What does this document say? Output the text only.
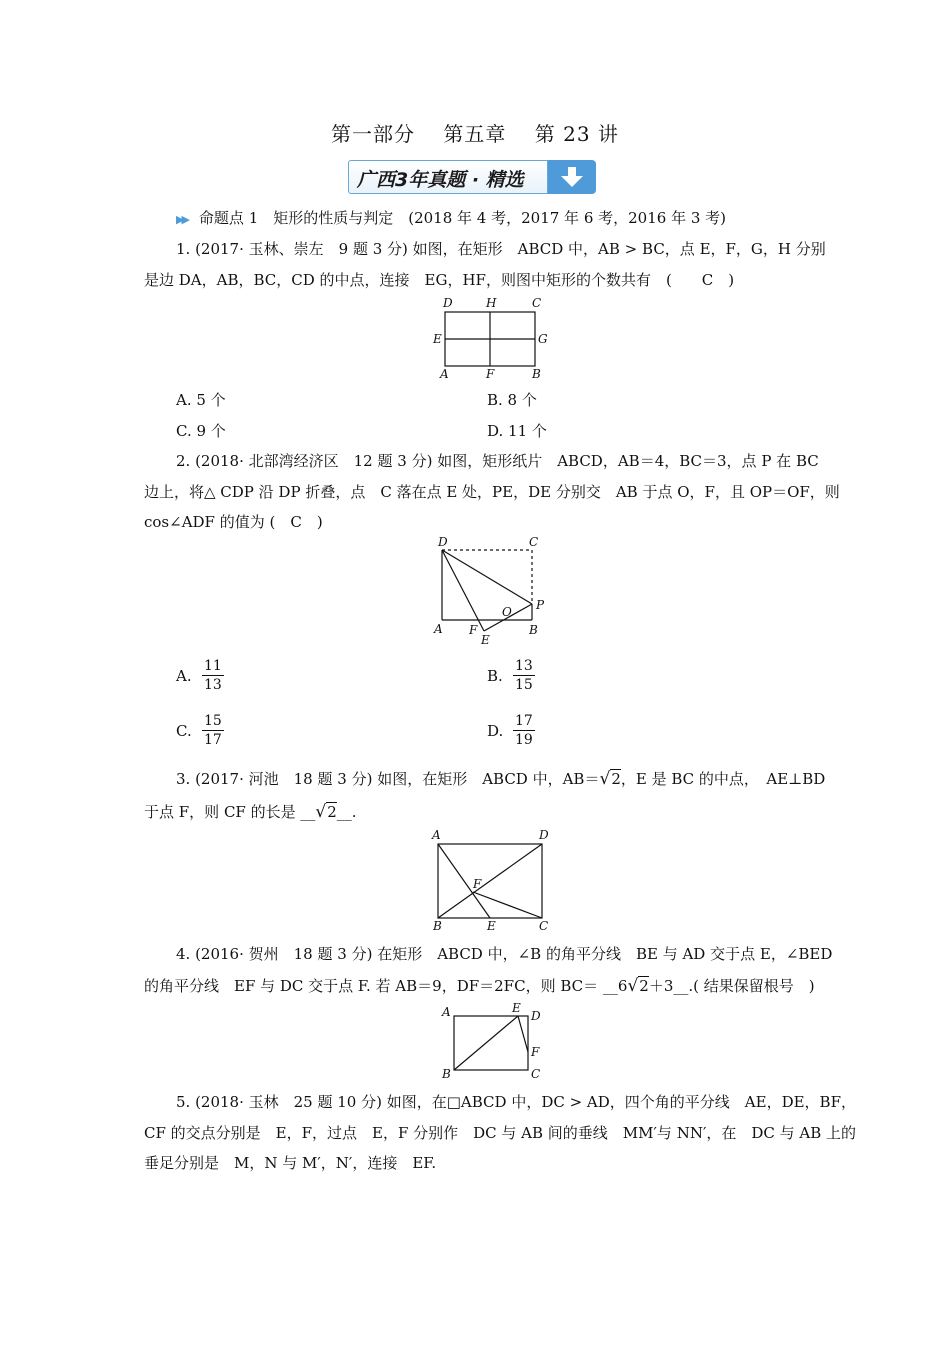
第一部分　 第五章　 第 23 讲
广西3年真题 · 精选
▶▶ 命题点 1　矩形的性质与判定　(2018 年 4 考，2017 年 6 考，2016 年 3 考)
1. (2017· 玉林、崇左　9 题 3 分) 如图，在矩形　ABCD 中，AB > BC，点 E，F，G，H 分别
是边 DA，AB，BC，CD 的中点，连接　EG，HF，则图中矩形的个数共有　(　　C　)
D	H	C
E	G
A	F	B
A. 5 个	B. 8 个
C. 9 个	D. 11 个
2. (2018· 北部湾经济区　12 题 3 分) 如图，矩形纸片　ABCD，AB＝4，BC＝3，点 P 在 BC
边上，将△ CDP 沿 DP 折叠，点　C 落在点 E 处，PE，DE 分别交　AB 于点 O，F，且 OP＝OF，则
cos∠ADF 的值为 (　C　)
D	C
O P
A F
E
B
A. $\frac{11}{13}$	B. $\frac{13}{15}$
C. $\frac{15}{17}$	D. $\frac{17}{19}$
3. (2017· 河池　18 题 3 分) 如图，在矩形　ABCD 中，AB＝√2，E 是 BC 的中点，　AE⊥BD
于点 F，则 CF 的长是 __√2__.
A	D
F
B	E	C
4. (2016· 贺州　18 题 3 分) 在矩形　ABCD 中，∠B 的角平分线　BE 与 AD 交于点 E，∠BED
的角平分线　EF 与 DC 交于点 F. 若 AB＝9，DF＝2FC，则 BC＝ __6√2＋3__.( 结果保留根号　)
A	E
D
F
B	C
5. (2018· 玉林　25 题 10 分) 如图，在□ABCD 中，DC > AD，四个角的平分线　AE，DE，BF，
CF 的交点分别是　E，F，过点　E，F 分别作　DC 与 AB 间的垂线　MM′与 NN′，在　DC 与 AB 上的
垂足分别是　M，N 与 M′，N′，连接　EF.
